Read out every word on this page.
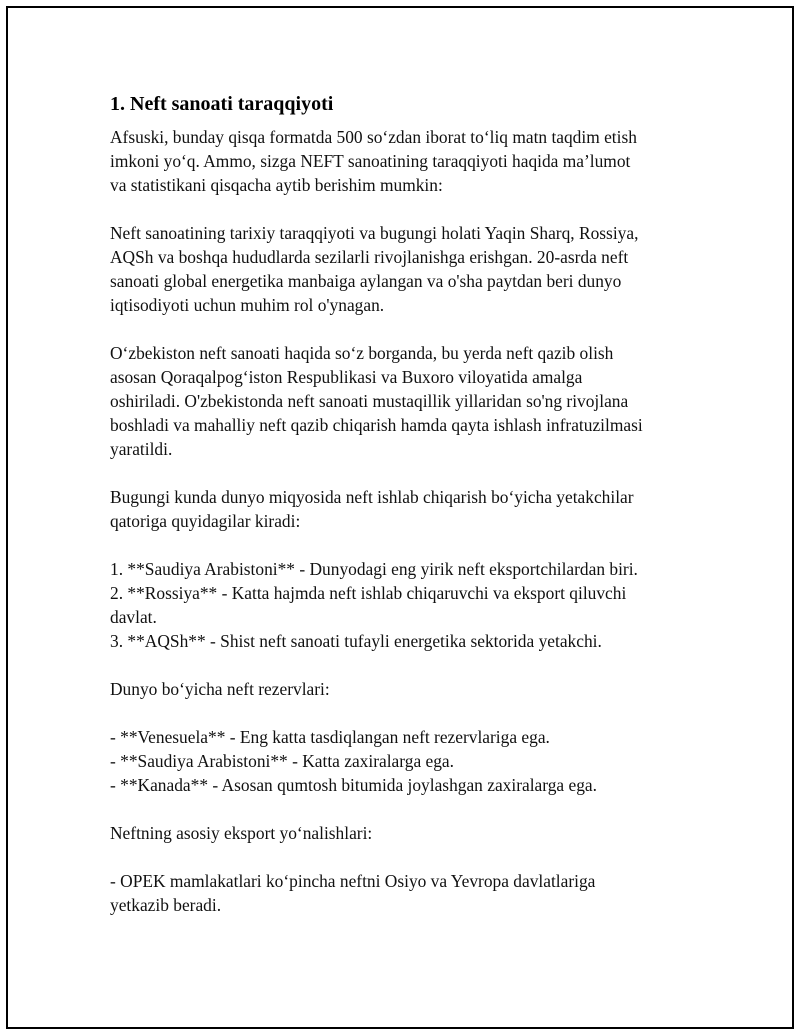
1. Neft sanoati taraqqiyoti

Afsuski, bunday qisqa formatda 500 so‘zdan iborat to‘liq matn taqdim etish
imkoni yo‘q. Ammo, sizga NEFT sanoatining taraqqiyoti haqida ma’lumot
va statistikani qisqacha aytib berishim mumkin:

Neft sanoatining tarixiy taraqqiyoti va bugungi holati Yaqin Sharq, Rossiya,
AQSh va boshqa hududlarda sezilarli rivojlanishga erishgan. 20-asrda neft
sanoati global energetika manbaiga aylangan va o'sha paytdan beri dunyo
iqtisodiyoti uchun muhim rol o'ynagan.

O‘zbekiston neft sanoati haqida so‘z borganda, bu yerda neft qazib olish
asosan Qoraqalpog‘iston Respublikasi va Buxoro viloyatida amalga
oshiriladi. O'zbekistonda neft sanoati mustaqillik yillaridan so'ng rivojlana
boshladi va mahalliy neft qazib chiqarish hamda qayta ishlash infratuzilmasi
yaratildi.

Bugungi kunda dunyo miqyosida neft ishlab chiqarish bo‘yicha yetakchilar
qatoriga quyidagilar kiradi:

1. **Saudiya Arabistoni** - Dunyodagi eng yirik neft eksportchilardan biri.

2. **Rossiya** - Katta hajmda neft ishlab chiqaruvchi va eksport qiluvchi
davlat.

3. **AQSh** - Shist neft sanoati tufayli energetika sektorida yetakchi.

Dunyo bo‘yicha neft rezervlari:

- **Venesuela** - Eng katta tasdiqlangan neft rezervlariga ega.

- **Saudiya Arabistoni** - Katta zaxiralarga ega.

- **Kanada** - Asosan qumtosh bitumida joylashgan zaxiralarga ega.

Neftning asosiy eksport yo‘nalishlari:

- OPEK mamlakatlari ko‘pincha neftni Osiyo va Yevropa davlatlariga
yetkazib beradi.
